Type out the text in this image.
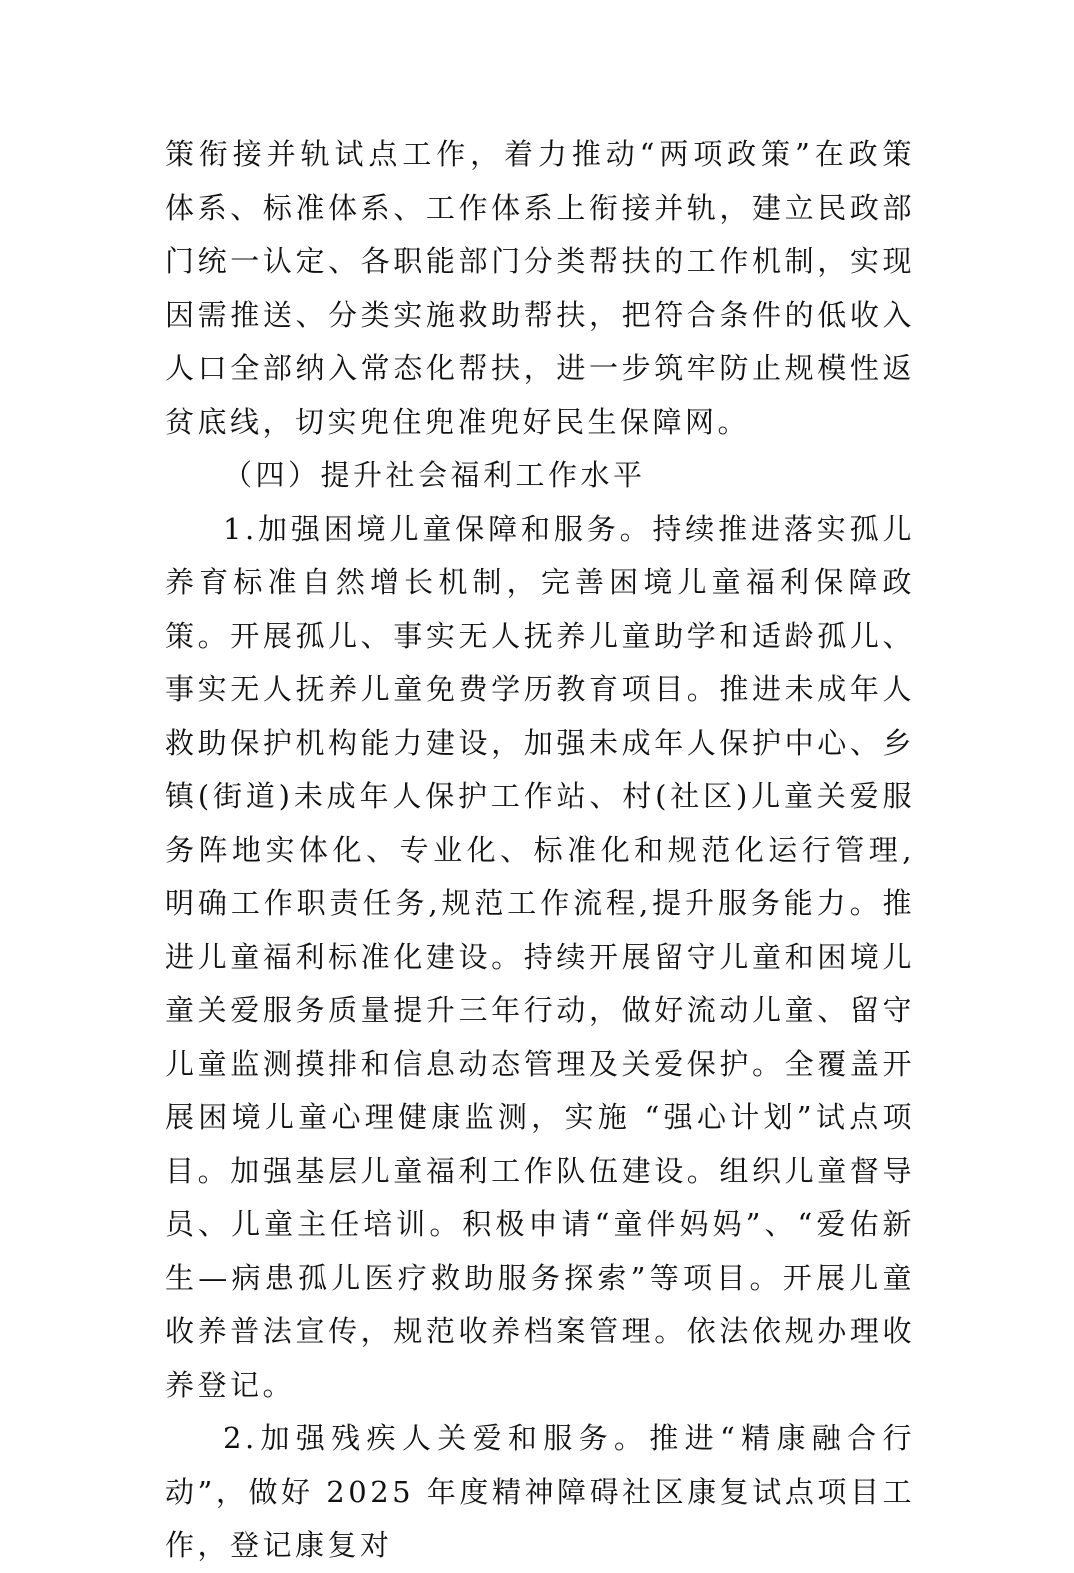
策衔接并轨试点工作，着力推动“两项政策”在政策体系、标准体系、工作体系上衔接并轨，建立民政部门统一认定、各职能部门分类帮扶的工作机制，实现因需推送、分类实施救助帮扶，把符合条件的低收入人口全部纳入常态化帮扶，进一步筑牢防止规模性返贫底线，切实兜住兜准兜好民生保障网。

（四）提升社会福利工作水平

1.加强困境儿童保障和服务。持续推进落实孤儿养育标准自然增长机制，完善困境儿童福利保障政策。开展孤儿、事实无人抚养儿童助学和适龄孤儿、事实无人抚养儿童免费学历教育项目。推进未成年人救助保护机构能力建设，加强未成年人保护中心、乡镇(街道)未成年人保护工作站、村(社区)儿童关爱服务阵地实体化、专业化、标准化和规范化运行管理,明确工作职责任务,规范工作流程,提升服务能力。推进儿童福利标准化建设。持续开展留守儿童和困境儿童关爱服务质量提升三年行动，做好流动儿童、留守儿童监测摸排和信息动态管理及关爱保护。全覆盖开展困境儿童心理健康监测，实施 “强心计划”试点项目。加强基层儿童福利工作队伍建设。组织儿童督导员、儿童主任培训。积极申请“童伴妈妈”、“爱佑新生—病患孤儿医疗救助服务探索”等项目。开展儿童收养普法宣传，规范收养档案管理。依法依规办理收养登记。

2.加强残疾人关爱和服务。推进“精康融合行动”，做好 2025 年度精神障碍社区康复试点项目工作，登记康复对
